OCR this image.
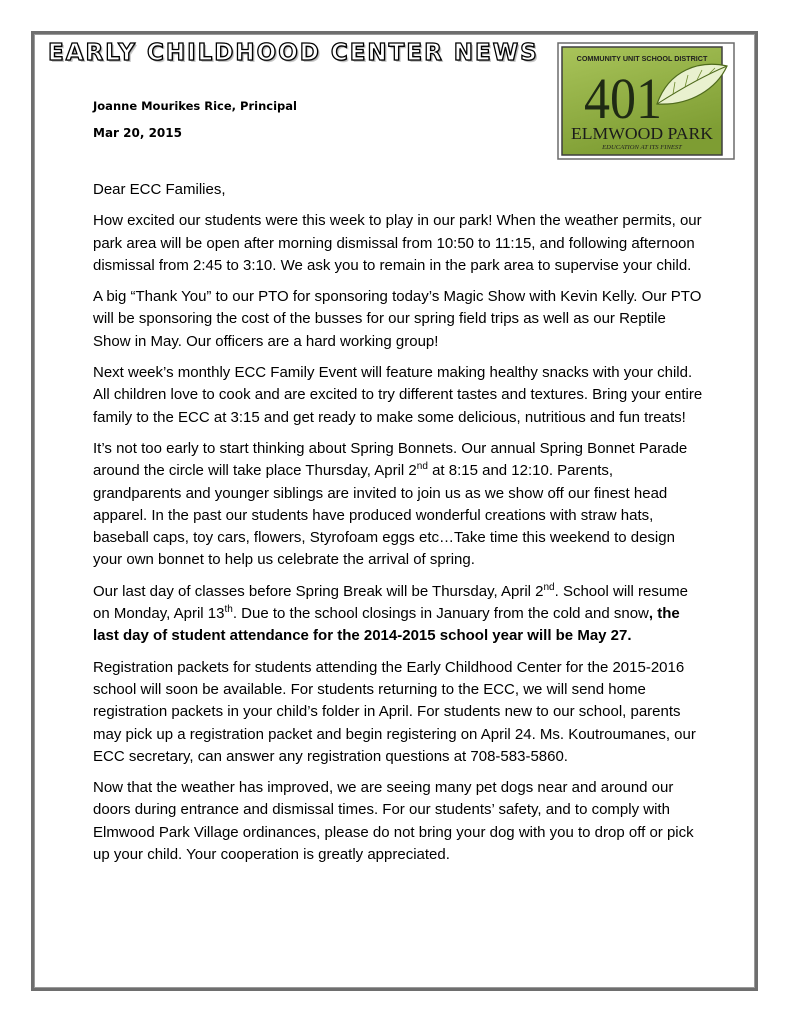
EARLY CHILDHOOD CENTER NEWS
Joanne Mourikes Rice, Principal
Mar 20, 2015
COMMUNITY UNIT SCHOOL DISTRICT
401
ELMWOOD PARK
EDUCATION AT ITS FINEST

Dear ECC Families,

How excited our students were this week to play in our park! When the weather permits, our park area will be open after morning dismissal from 10:50 to 11:15, and following afternoon dismissal from 2:45 to 3:10. We ask you to remain in the park area to supervise your child.

A big “Thank You” to our PTO for sponsoring today’s Magic Show with Kevin Kelly. Our PTO will be sponsoring the cost of the busses for our spring field trips as well as our Reptile Show in May. Our officers are a hard working group!

Next week’s monthly ECC Family Event will feature making healthy snacks with your child. All children love to cook and are excited to try different tastes and textures. Bring your entire family to the ECC at 3:15 and get ready to make some delicious, nutritious and fun treats!

It’s not too early to start thinking about Spring Bonnets. Our annual Spring Bonnet Parade around the circle will take place Thursday, April 2nd at 8:15 and 12:10. Parents, grandparents and younger siblings are invited to join us as we show off our finest head apparel. In the past our students have produced wonderful creations with straw hats, baseball caps, toy cars, flowers, Styrofoam eggs etc…Take time this weekend to design your own bonnet to help us celebrate the arrival of spring.

Our last day of classes before Spring Break will be Thursday, April 2nd. School will resume on Monday, April 13th. Due to the school closings in January from the cold and snow, the last day of student attendance for the 2014-2015 school year will be May 27.

Registration packets for students attending the Early Childhood Center for the 2015-2016 school will soon be available. For students returning to the ECC, we will send home registration packets in your child’s folder in April. For students new to our school, parents may pick up a registration packet and begin registering on April 24. Ms. Koutroumanes, our ECC secretary, can answer any registration questions at 708-583-5860.

Now that the weather has improved, we are seeing many pet dogs near and around our doors during entrance and dismissal times. For our students’ safety, and to comply with Elmwood Park Village ordinances, please do not bring your dog with you to drop off or pick up your child. Your cooperation is greatly appreciated.
